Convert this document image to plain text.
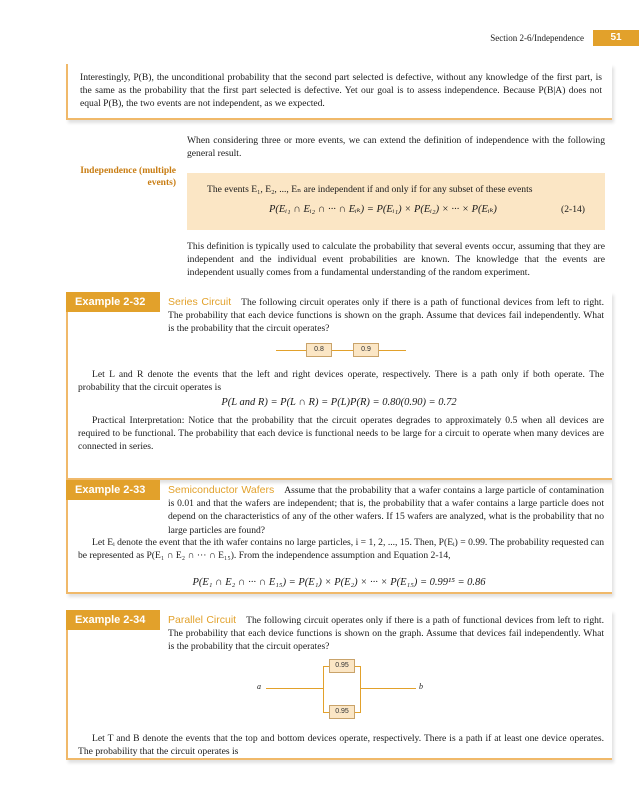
Section 2-6/Independence	51

Interestingly, P(B), the unconditional probability that the second part selected is defective, without any knowledge of the first part, is the same as the probability that the first part selected is defective. Yet our goal is to assess independence. Because P(B|A) does not equal P(B), the two events are not independent, as we expected.

When considering three or more events, we can extend the definition of independence with the following general result.

Independence (multiple events)
The events E₁, E₂, ..., Eₙ are independent if and only if for any subset of these events
P(Eᵢ₁ ∩ Eᵢ₂ ∩ ··· ∩ Eᵢₖ) = P(Eᵢ₁) × P(Eᵢ₂) × ··· × P(Eᵢₖ)	(2-14)

This definition is typically used to calculate the probability that several events occur, assuming that they are independent and the individual event probabilities are known. The knowledge that the events are independent usually comes from a fundamental understanding of the random experiment.

Example 2-32	Series Circuit The following circuit operates only if there is a path of functional devices from left to right. The probability that each device functions is shown on the graph. Assume that devices fail independently. What is the probability that the circuit operates?

0.8	0.9

Let L and R denote the events that the left and right devices operate, respectively. There is a path only if both operate. The probability that the circuit operates is

P(L and R) = P(L ∩ R) = P(L)P(R) = 0.80(0.90) = 0.72

Practical Interpretation: Notice that the probability that the circuit operates degrades to approximately 0.5 when all devices are required to be functional. The probability that each device is functional needs to be large for a circuit to operate when many devices are connected in series.

Example 2-33	Semiconductor Wafers Assume that the probability that a wafer contains a large particle of contamination is 0.01 and that the wafers are independent; that is, the probability that a wafer contains a large particle does not depend on the characteristics of any of the other wafers. If 15 wafers are analyzed, what is the probability that no large particles are found?

Let Eᵢ denote the event that the ith wafer contains no large particles, i = 1, 2, ..., 15. Then, P(Eᵢ) = 0.99. The probability requested can be represented as P(E₁ ∩ E₂ ∩ ··· ∩ E₁₅). From the independence assumption and Equation 2-14,

P(E₁ ∩ E₂ ∩ ··· ∩ E₁₅) = P(E₁) × P(E₂) × ··· × P(E₁₅) = 0.99¹⁵ = 0.86
Example 2-34	Parallel Circuit The following circuit operates only if there is a path of functional devices from left to right. The probability that each device functions is shown on the graph. Assume that devices fail independently. What is the probability that the circuit operates?

a	b
0.95
0.95

Let T and B denote the events that the top and bottom devices operate, respectively. There is a path if at least one device operates. The probability that the circuit operates is
